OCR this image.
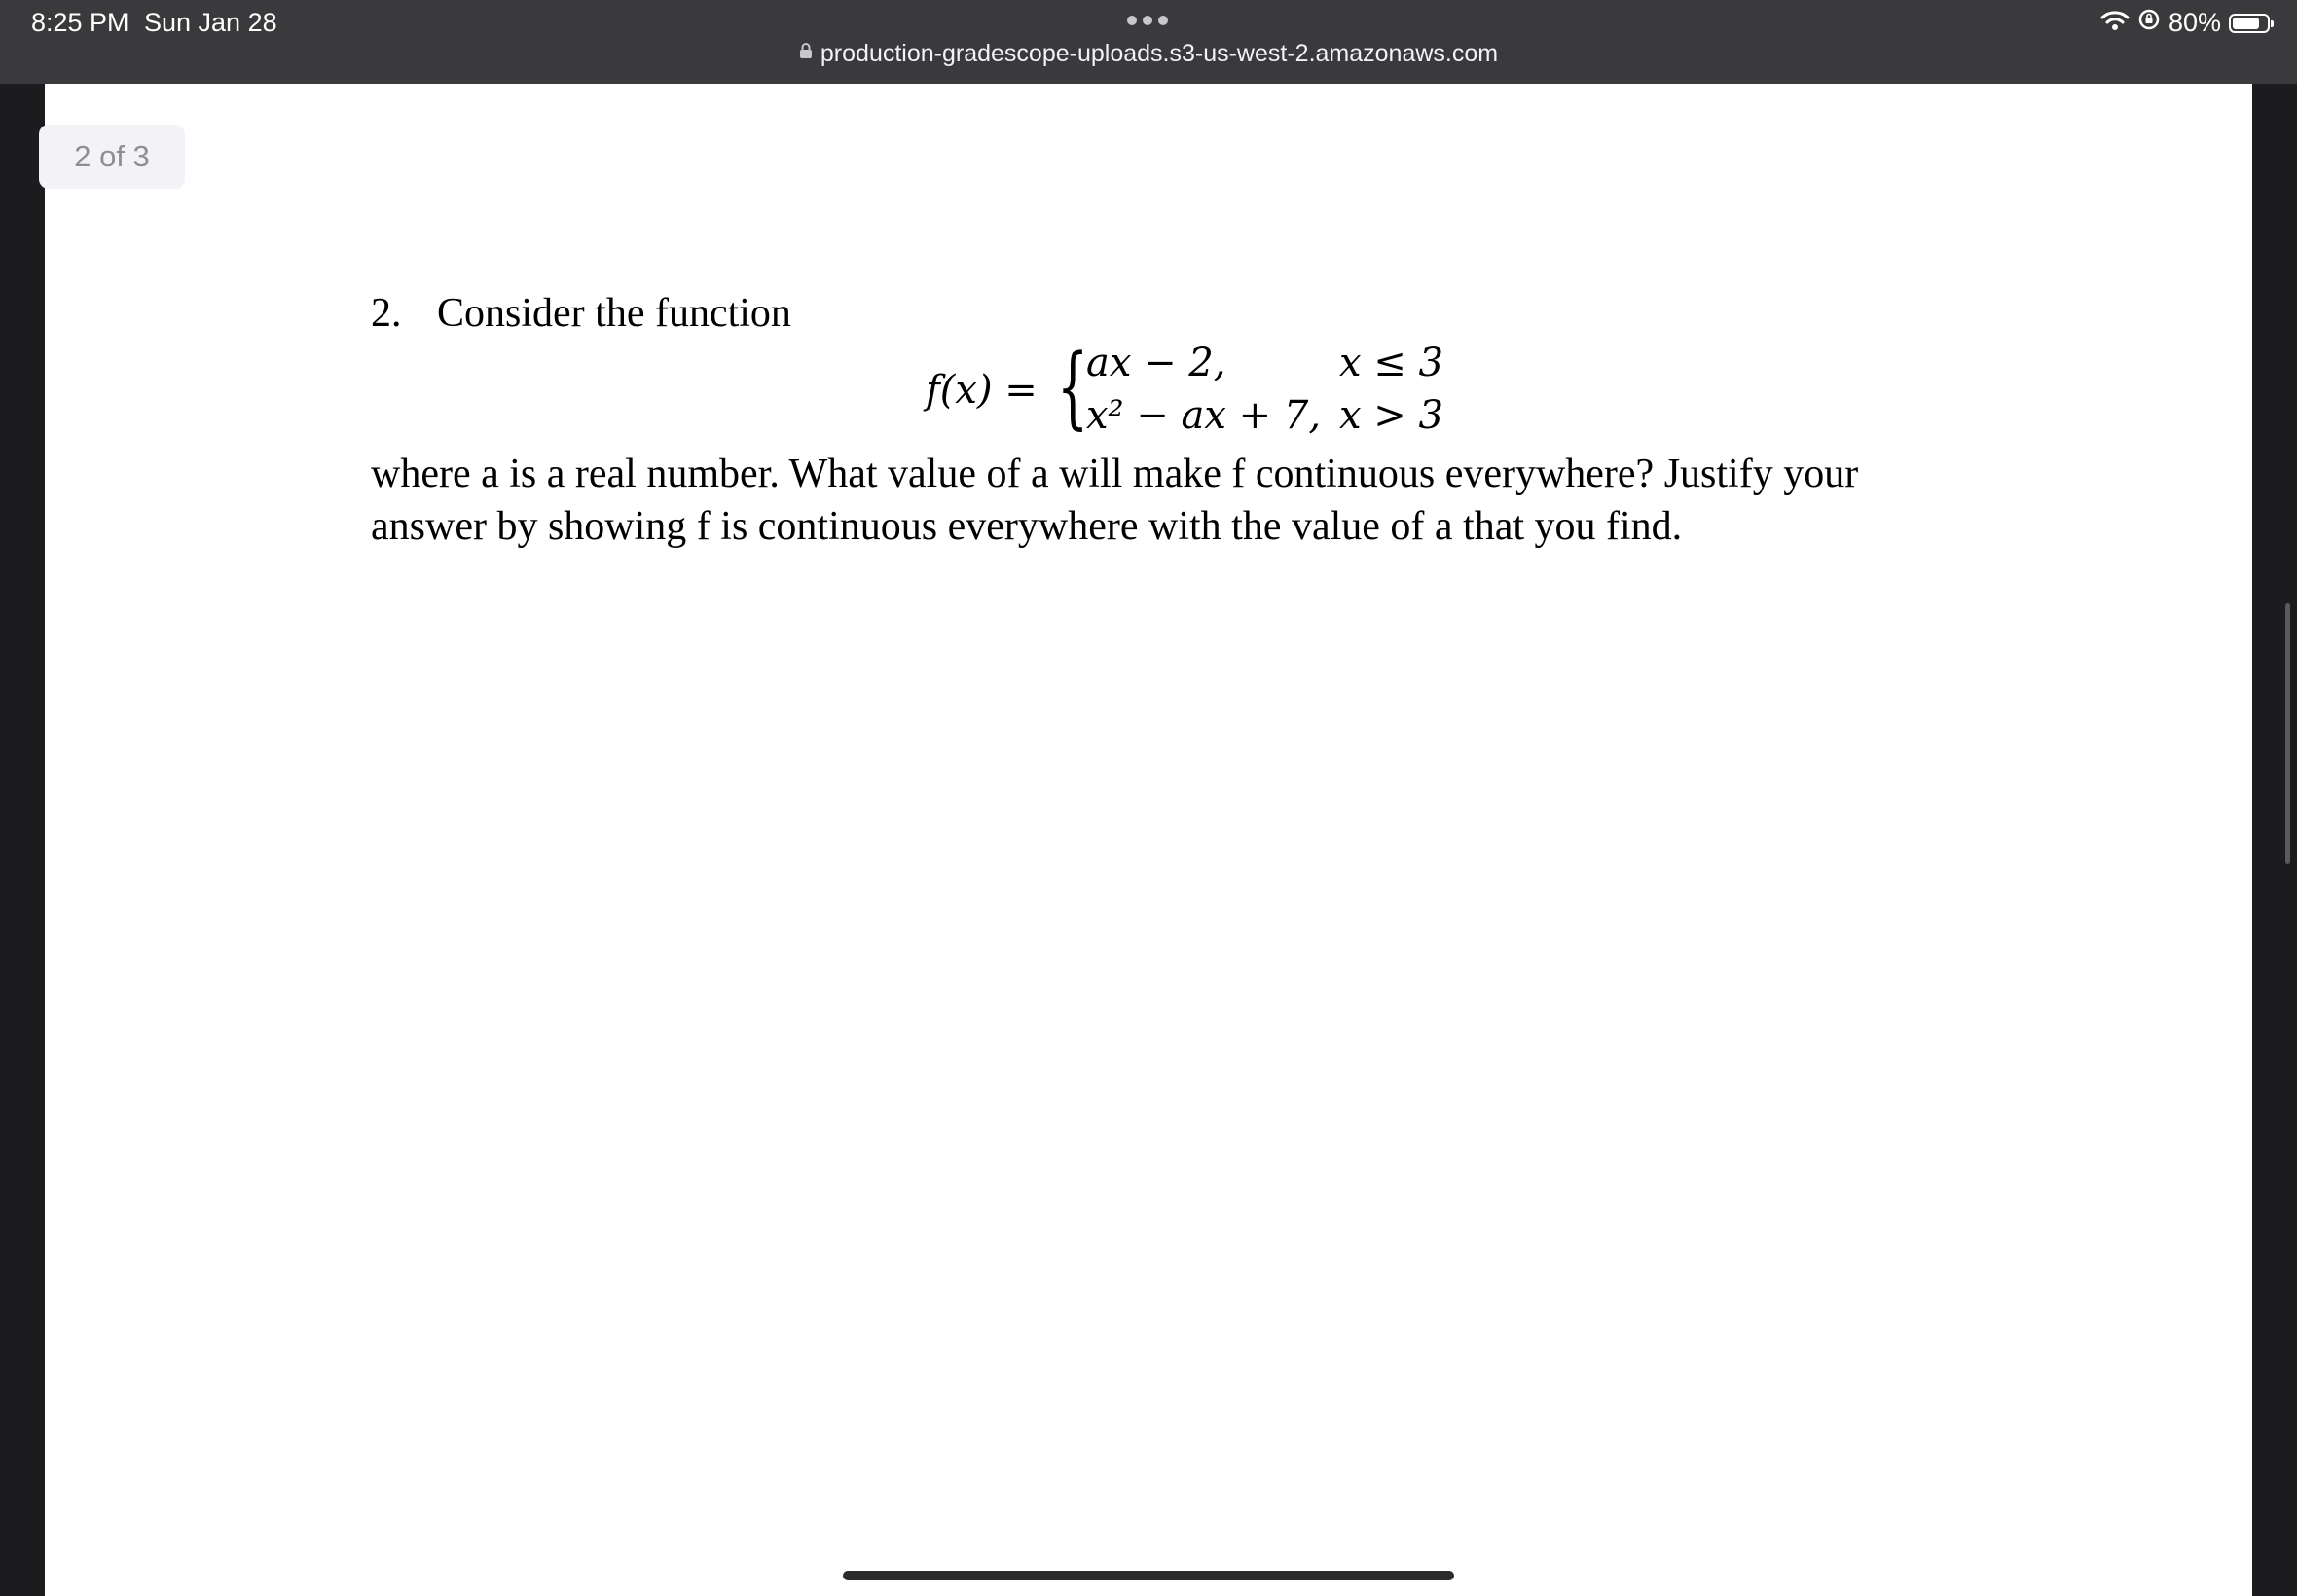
8:25 PM Sun Jan 28
production-gradescope-uploads.s3-us-west-2.amazonaws.com
80%
2 of 3

2. Consider the function

f(x) = {
ax − 2,	x ≤ 3
x² − ax + 7, x > 3

where a is a real number. What value of a will make f continuous everywhere? Justify your answer by showing f is continuous everywhere with the value of a that you find.
